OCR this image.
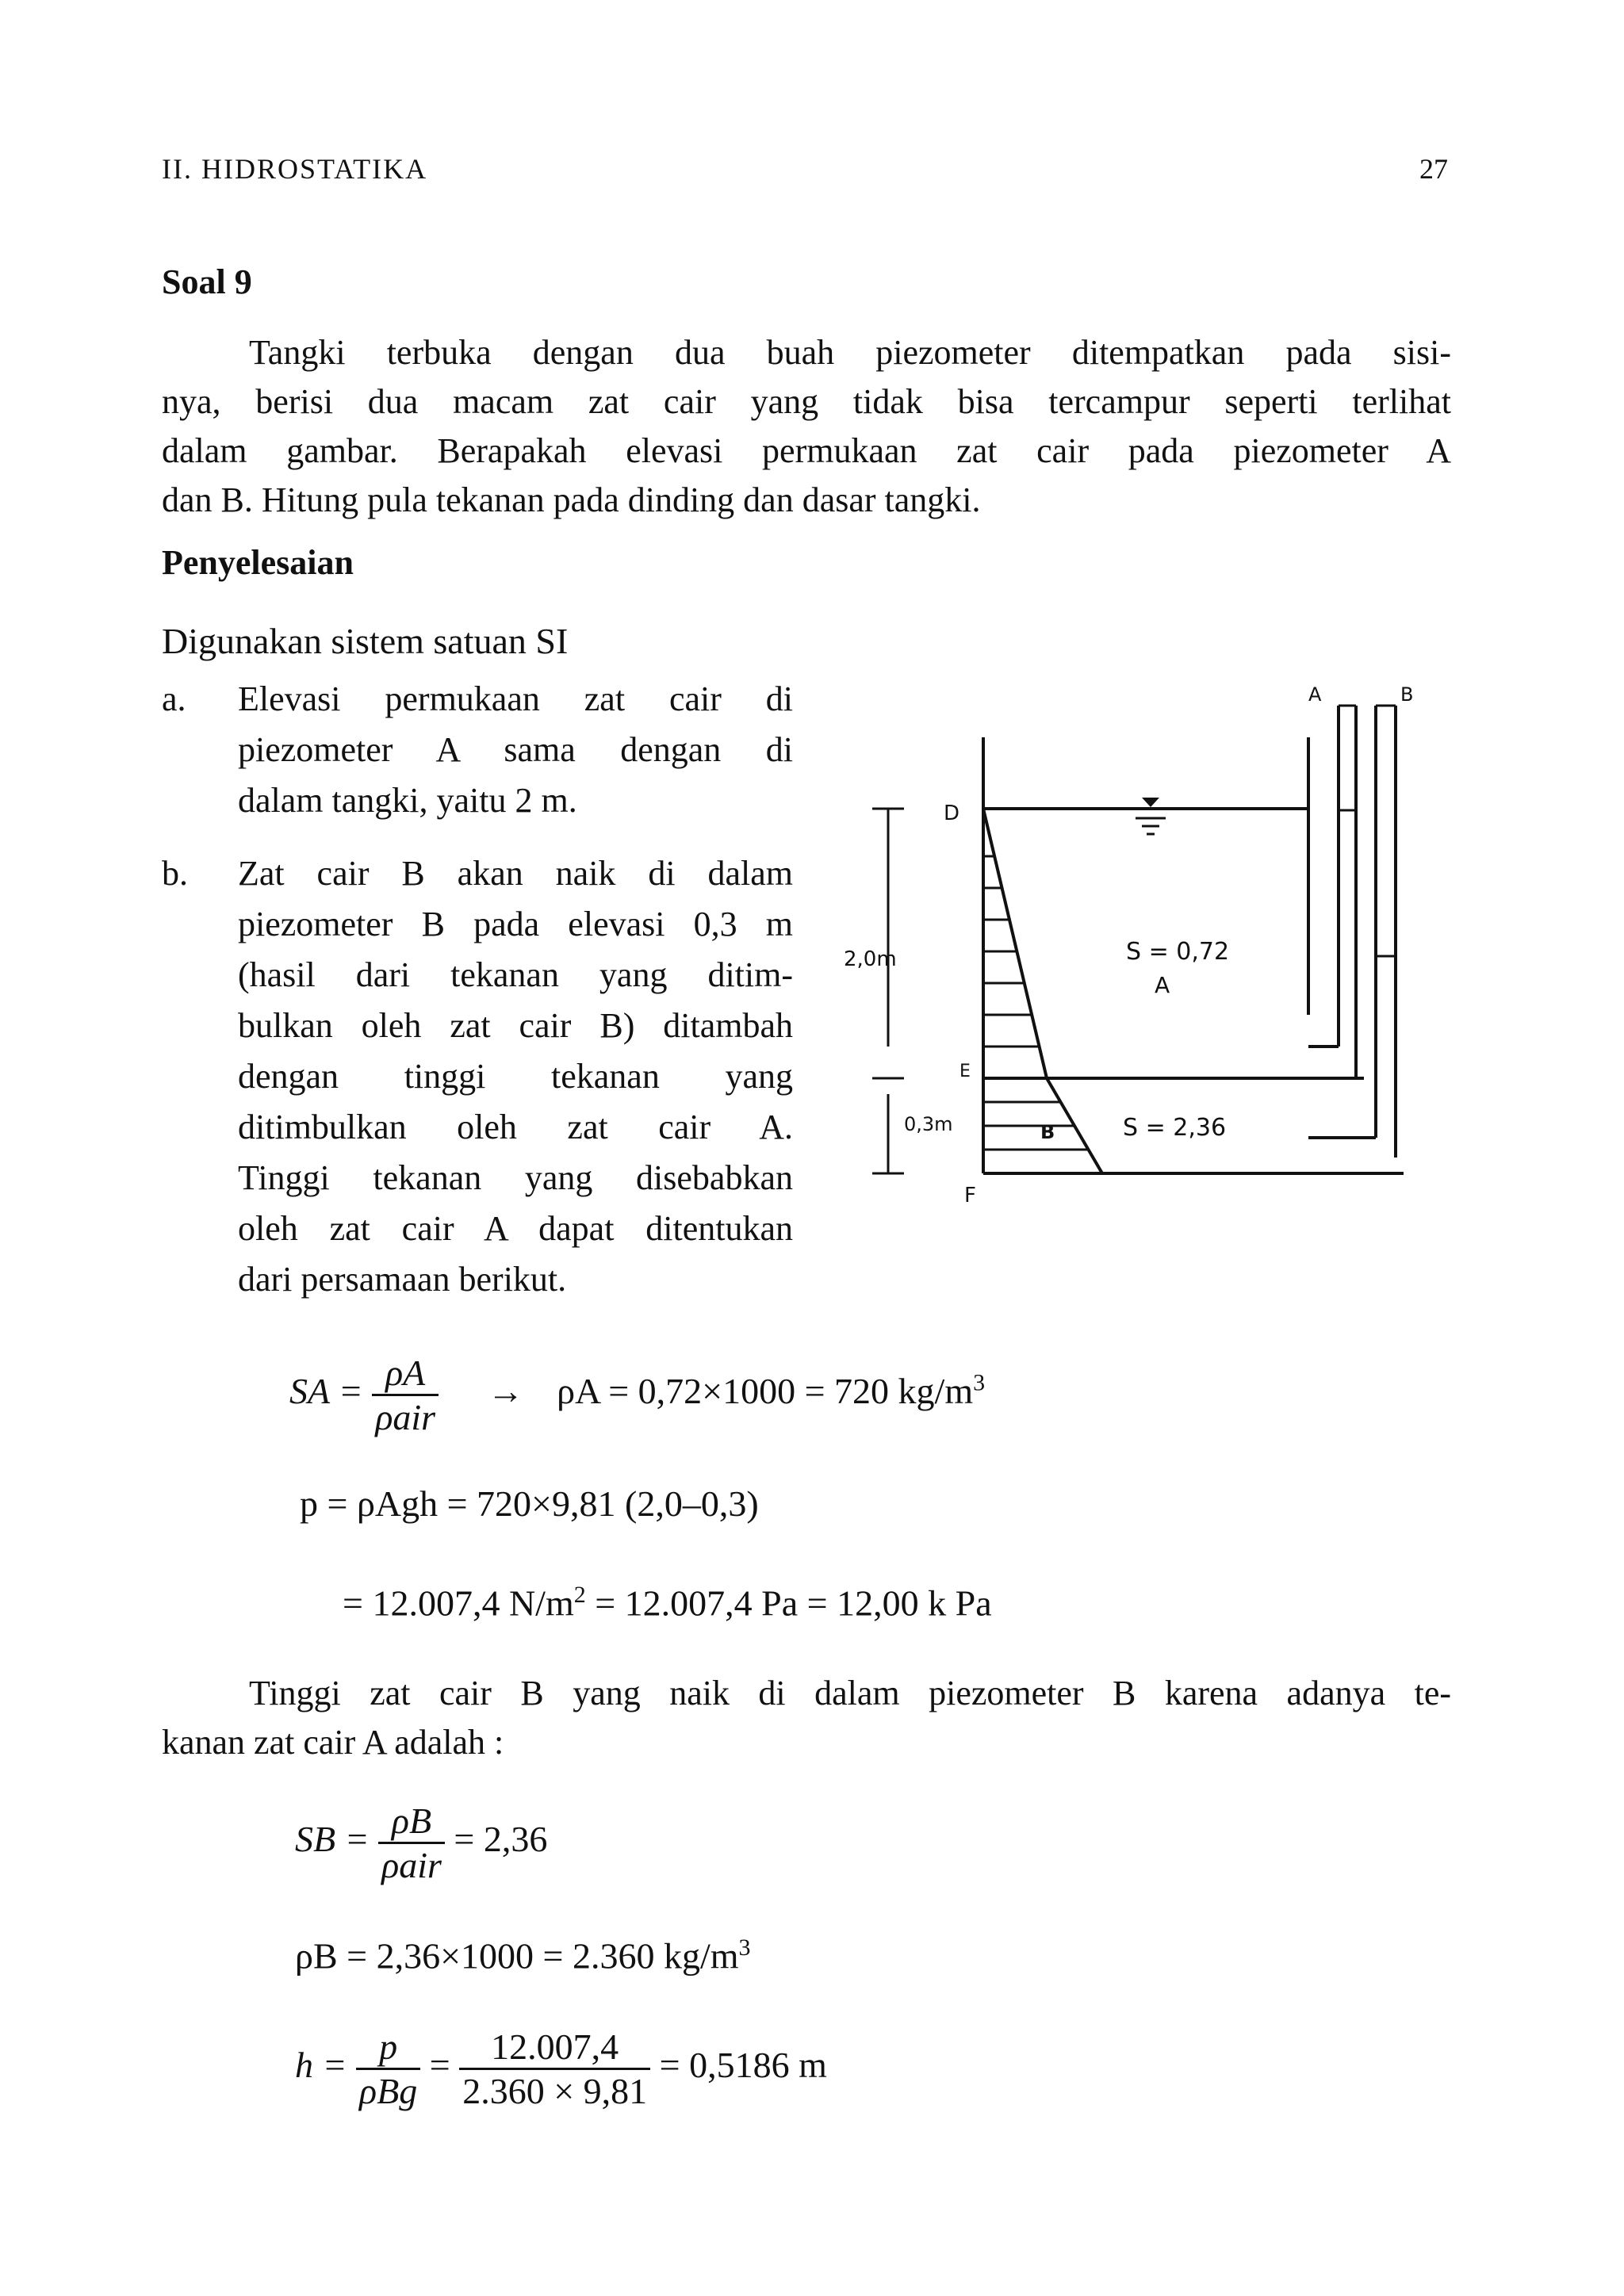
II. HIDROSTATIKA	27
Soal 9
Tangki terbuka dengan dua buah piezometer ditempatkan pada sisi-
nya, berisi dua macam zat cair yang tidak bisa tercampur seperti terlihat
dalam gambar. Berapakah elevasi permukaan zat cair pada piezometer A
dan B. Hitung pula tekanan pada dinding dan dasar tangki.
Penyelesaian
Digunakan sistem satuan SI
a. Elevasi permukaan zat cair di
piezometer A sama dengan di
dalam tangki, yaitu 2 m.
b. Zat cair B akan naik di dalam
piezometer B pada elevasi 0,3 m
(hasil dari tekanan yang ditim-
bulkan oleh zat cair B) ditambah
dengan tinggi tekanan yang
ditimbulkan oleh zat cair A.
Tinggi tekanan yang disebabkan
oleh zat cair A dapat ditentukan
dari persamaan berikut.
A	B
D
E
F
2,0m
0,3m
S = 0,72
A
S = 2,36
B
SA = $\frac{\rho A}{\text{ρair}} \to \rho A = 0,72\times 1000 = 720$ $kg/m^3$
p = ρAgh = 720×9,81 (2,0–0,3)
= 12.007,4 $N/m^2 = 12.007,4$ Pa = 12,00 k Pa
Tinggi zat cair B yang naik di dalam piezometer B karena adanya te-
kanan zat cair A adalah :
SB = $\frac{\rho B}{\text{ρair}} = 2,36$
ρB = 2,36×1000 = 2.360 $kg/m^3$
$h = \frac{p}{\text{ρBg}} = \frac{12.007,4}{2.360 \times 9,81} = 0,5186$ m
